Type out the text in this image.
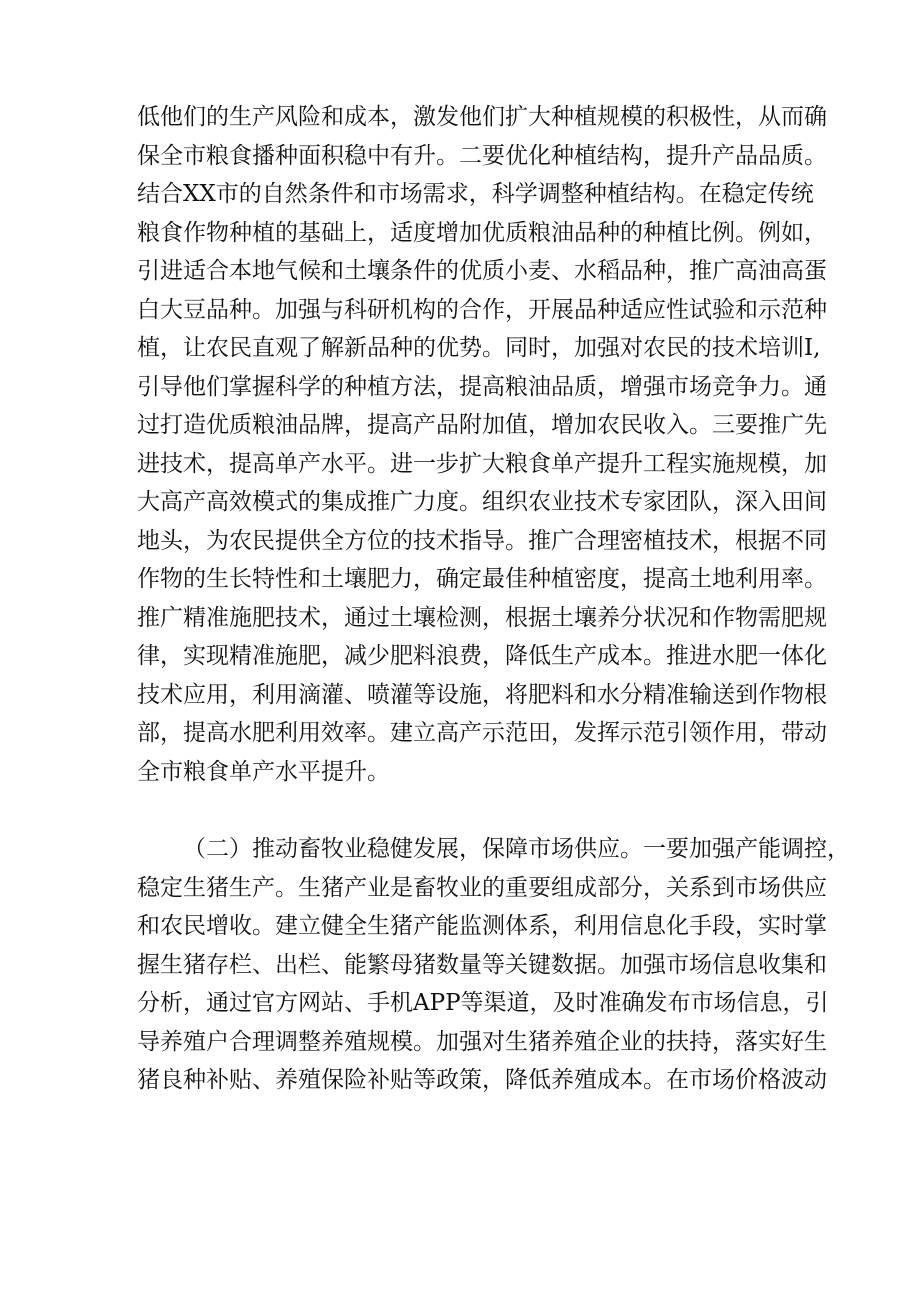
低他们的生产风险和成本，激发他们扩大种植规模的积极性，从而确
保全市粮食播种面积稳中有升。二要优化种植结构，提升产品品质。
结合XX市的自然条件和市场需求，科学调整种植结构。在稳定传统
粮食作物种植的基础上，适度增加优质粮油品种的种植比例。例如，
引进适合本地气候和土壤条件的优质小麦、水稻品种，推广高油高蛋
白大豆品种。加强与科研机构的合作，开展品种适应性试验和示范种
植，让农民直观了解新品种的优势。同时，加强对农民的技术培训I,
引导他们掌握科学的种植方法，提高粮油品质，增强市场竞争力。通
过打造优质粮油品牌，提高产品附加值，增加农民收入。三要推广先
进技术，提高单产水平。进一步扩大粮食单产提升工程实施规模，加
大高产高效模式的集成推广力度。组织农业技术专家团队，深入田间
地头，为农民提供全方位的技术指导。推广合理密植技术，根据不同
作物的生长特性和土壤肥力，确定最佳种植密度，提高土地利用率。
推广精准施肥技术，通过土壤检测，根据土壤养分状况和作物需肥规
律，实现精准施肥，减少肥料浪费，降低生产成本。推进水肥一体化
技术应用，利用滴灌、喷灌等设施，将肥料和水分精准输送到作物根
部，提高水肥利用效率。建立高产示范田，发挥示范引领作用，带动
全市粮食单产水平提升。
（二）推动畜牧业稳健发展，保障市场供应。一要加强产能调控，
稳定生猪生产。生猪产业是畜牧业的重要组成部分，关系到市场供应
和农民增收。建立健全生猪产能监测体系，利用信息化手段，实时掌
握生猪存栏、出栏、能繁母猪数量等关键数据。加强市场信息收集和
分析，通过官方网站、手机APP等渠道，及时准确发布市场信息，引
导养殖户合理调整养殖规模。加强对生猪养殖企业的扶持，落实好生
猪良种补贴、养殖保险补贴等政策，降低养殖成本。在市场价格波动
